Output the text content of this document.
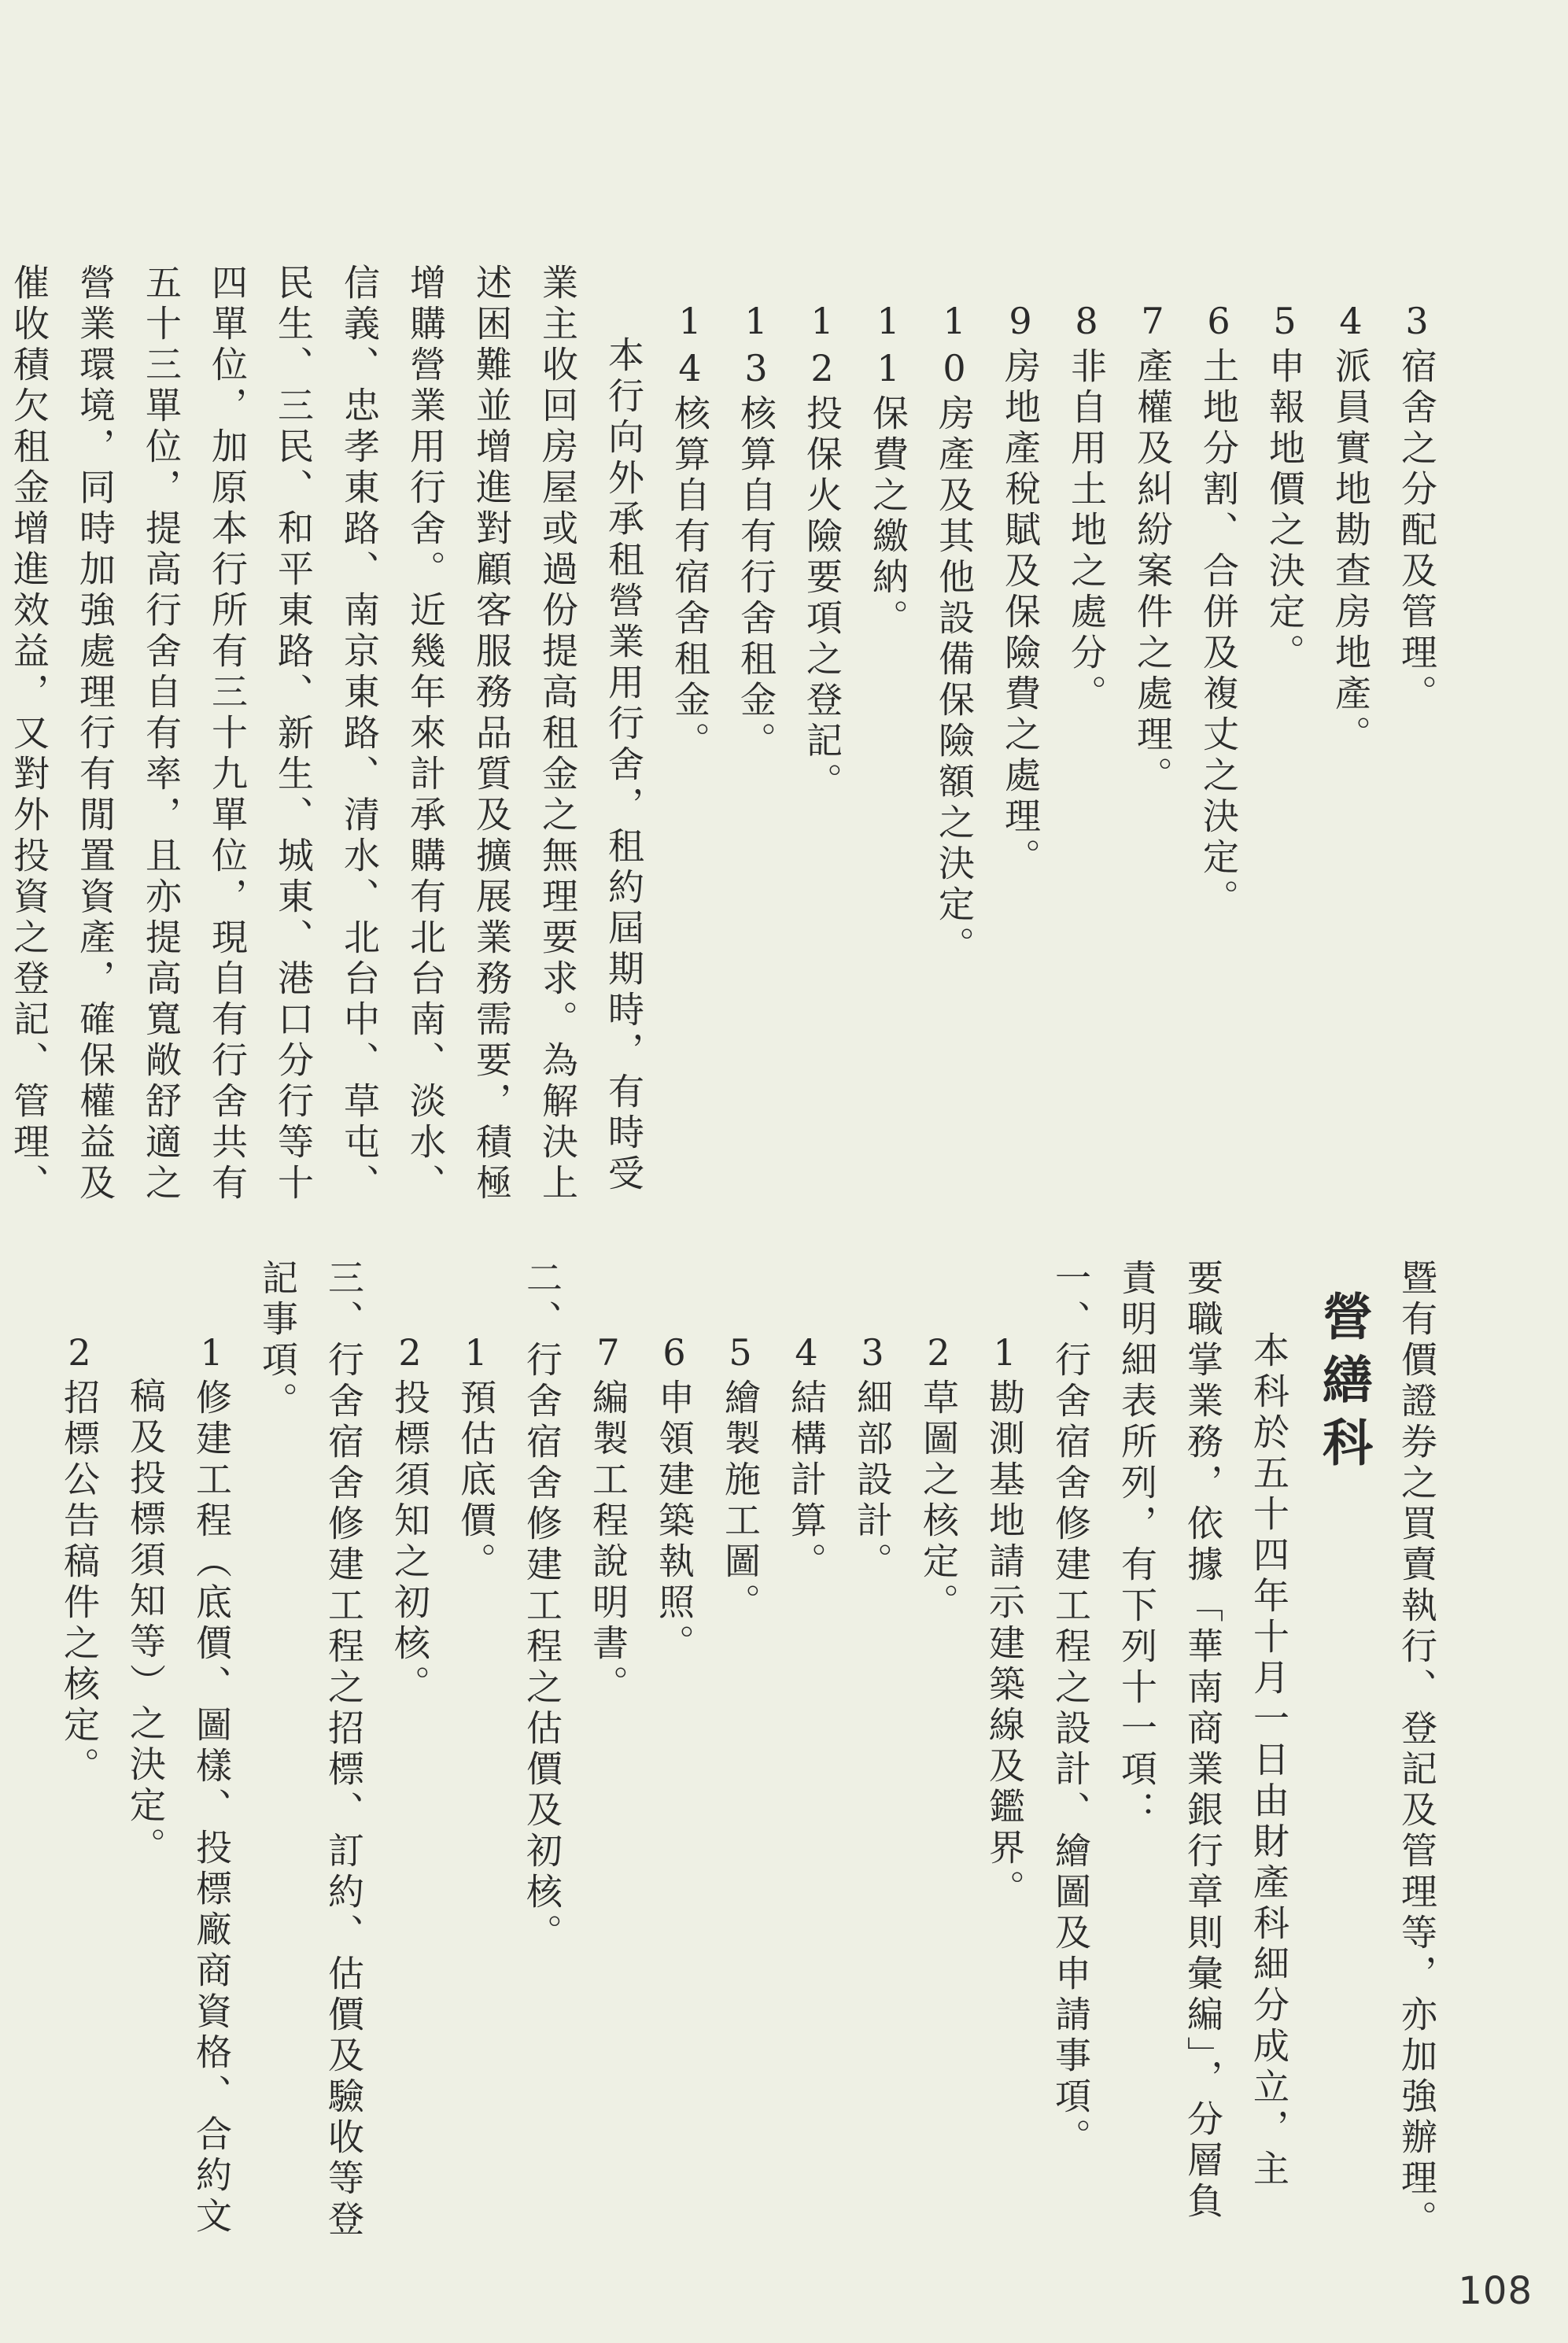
3宿舍之分配及管理。
4派員實地勘查房地產。
5申報地價之決定。
6土地分割、合併及複丈之決定。
7產權及糾紛案件之處理。
8非自用土地之處分。
9房地產稅賦及保險費之處理。
10房產及其他設備保險額之決定。
11保費之繳納。
12投保火險要項之登記。
13核算自有行舍租金。
14核算自有宿舍租金。
本行向外承租營業用行舍，租約屆期時，有時受
業主收回房屋或過份提高租金之無理要求。為解決上
述困難並增進對顧客服務品質及擴展業務需要，積極
增購營業用行舍。近幾年來計承購有北台南、淡水、
信義、忠孝東路、南京東路、清水、北台中、草屯、
民生、三民、和平東路、新生、城東、港口分行等十
四單位，加原本行所有三十九單位，現自有行舍共有
五十三單位，提高行舍自有率，且亦提高寬敞舒適之
營業環境，同時加強處理行有閒置資產，確保權益及
催收積欠租金增進效益，又對外投資之登記、管理、
暨有價證券之買賣執行、登記及管理等，亦加強辦理。
營繕科
本科於五十四年十月一日由財產科細分成立，主
要職掌業務，依據「華南商業銀行章則彙編」，分層負
責明細表所列，有下列十一項：
一、行舍宿舍修建工程之設計、繪圖及申請事項。
1勘測基地請示建築線及鑑界。
2草圖之核定。
3細部設計。
4結構計算。
5繪製施工圖。
6申領建築執照。
7編製工程說明書。
二、行舍宿舍修建工程之估價及初核。
1預估底價。
2投標須知之初核。
三、行舍宿舍修建工程之招標、訂約、估價及驗收等登
記事項。
1修建工程（底價、圖樣、投標廠商資格、合約文
稿及投標須知等）之決定。
2招標公告稿件之核定。
108
